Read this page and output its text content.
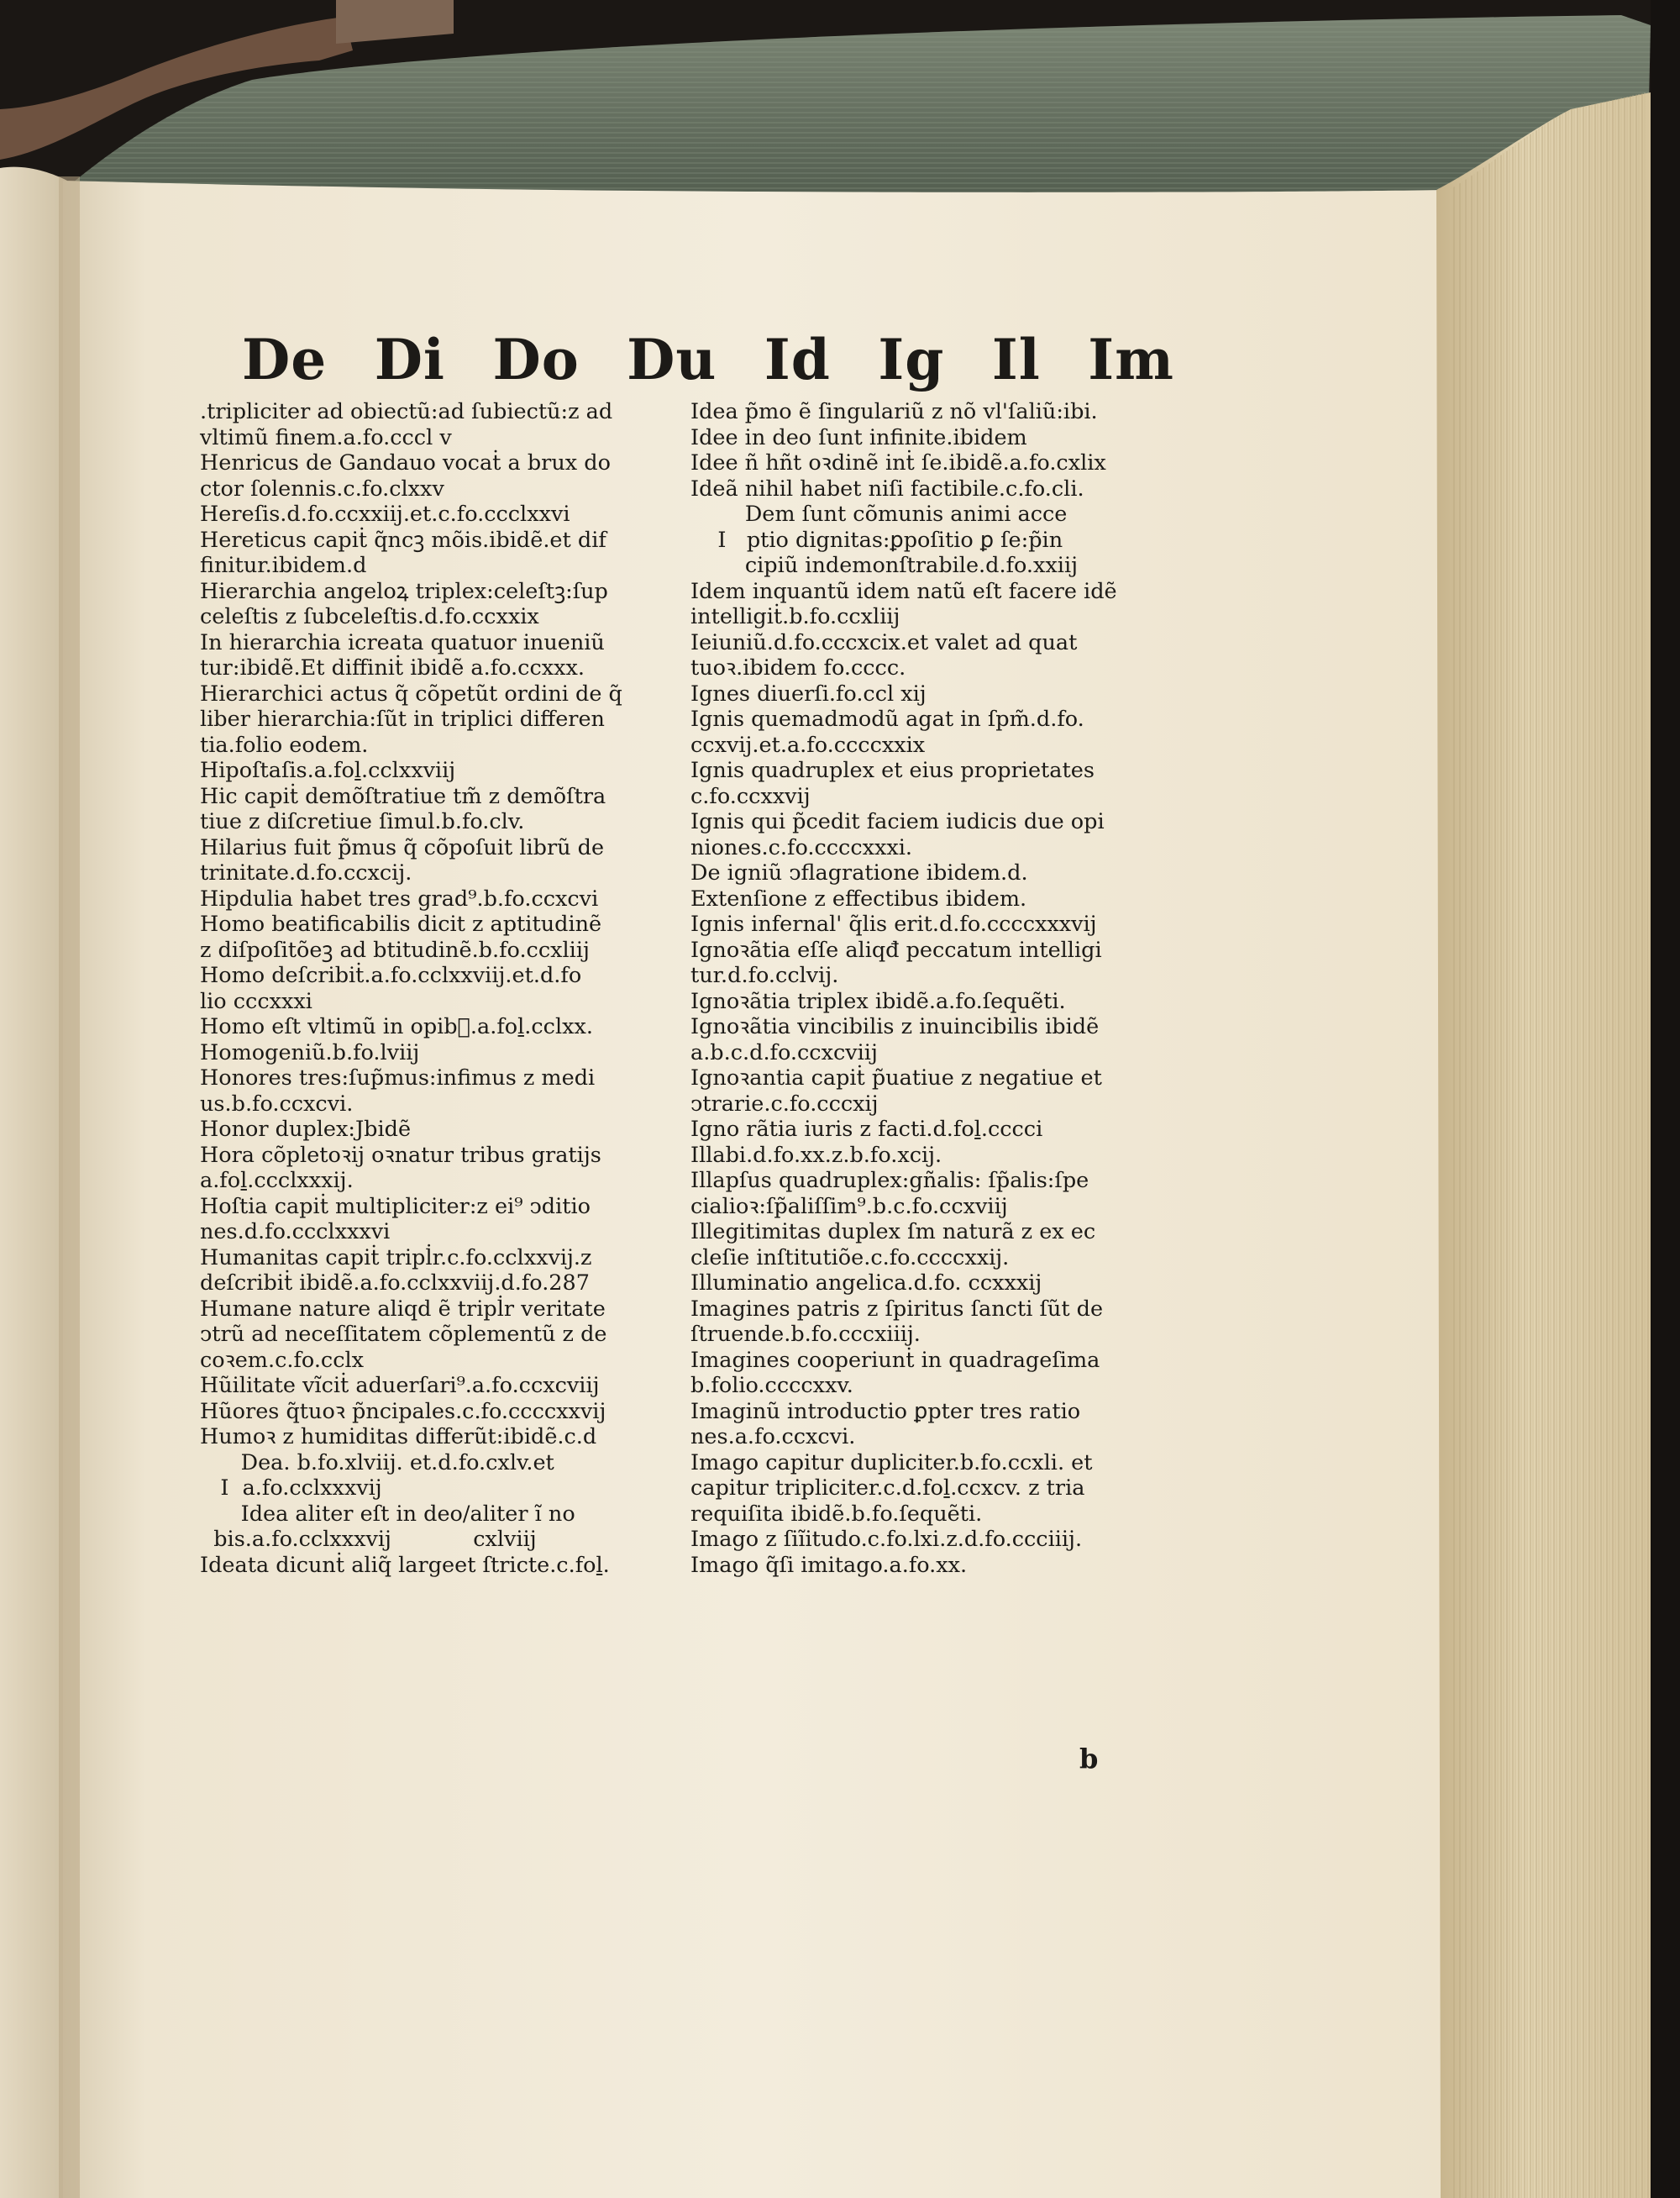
De Di Do Du Id Ig Il Im
.tripliciter ad obiectũ:ad ſubiectũ:z ad
vltimũ finem.a.fo.cccl v
Henricus de Gandauo vocaṫ a brux do
ctor ſolennis.c.fo.clxxv
Hereſis.d.fo.ccxxiij.et.c.fo.ccclxxvi
Hereticus capiṫ q̃ncꝫ mõis.ibidẽ.et dif
finitur.ibidem.d
Hierarchia angeloꝝ triplex:celeſtꝫ:ſup
celeſtis z ſubceleſtis.d.fo.ccxxix
In hierarchia icreata quatuor inueniũ
tur:ibidẽ.Et diffiniṫ ibidẽ a.fo.ccxxx.
Hierarchici actus q̃ cõpetũt ordini de q̃
liber hierarchia:ſũt in triplici differen
tia.folio eodem.
Hipoſtaſis.a.foḻ.cclxxviij
Hic capiṫ demõſtratiue tm̃ z demõſtra
tiue z diſcretiue ſimul.b.fo.clv.
Hilarius fuit p̃mus q̃ cõpoſuit librũ de
trinitate.d.fo.ccxcij.
Hipdulia habet tres grad⁹.b.fo.ccxcvi
Homo beatificabilis dicit z aptitudinẽ
z diſpoſitõeꝫ ad btitudinẽ.b.fo.ccxliij
Homo deſcribiṫ.a.fo.cclxxviij.et.d.fo
lio cccxxxi
Homo eſt vltimũ in opib᷑.a.foḻ.cclxx.
Homogeniũ.b.fo.lviij
Honores tres:ſup̃mus:infimus z medi
us.b.fo.ccxcvi.
Honor duplex:Jbidẽ
Hora cõpletoꝛij oꝛnatur tribus gratijs
a.foḻ.ccclxxxij.
Hoſtia capiṫ multipliciter:z ei⁹ ↄditio
nes.d.fo.ccclxxxvi
Humanitas capiṫ tripl̇r.c.fo.cclxxvij.z
deſcribiṫ ibidẽ.a.fo.cclxxviij.d.fo.287
Humane nature aliqd ẽ tripl̇r veritate
ↄtrũ ad neceſſitatem cõplementũ z de
coꝛem.c.fo.cclx
Hũilitate vĩciṫ aduerſari⁹.a.fo.ccxcviij
Hũores q̃tuoꝛ p̃ncipales.c.fo.ccccxxvij
Humoꝛ z humiditas differũt:ibidẽ.c.d
Dea. b.fo.xlviij. et.d.fo.cxlv.et
I  a.fo.cclxxxvij
Idea aliter eſt in deo/aliter ĩ no
bis.a.fo.cclxxxvij            cxlviij
Ideata dicunṫ aliq̃ largeet ſtricte.c.foḻ.
Idea p̃mo ẽ ſingulariũ z nõ vl'ſaliũ:ibi.
Idee in deo ſunt infinite.ibidem
Idee ñ hñt oꝛdinẽ inṫ ſe.ibidẽ.a.fo.cxlix
Ideã nihil habet niſi factibile.c.fo.cli.
Dem ſunt cõmunis animi acce
I   ptio dignitas:ꝑpoſitio ꝑ ſe:p̃in
cipiũ indemonſtrabile.d.fo.xxiij
Idem inquantũ idem natũ eſt facere idẽ
intelligiṫ.b.fo.ccxliij
Ieiuniũ.d.fo.cccxcix.et valet ad quat
tuoꝛ.ibidem fo.cccc.
Ignes diuerſi.fo.ccl xij
Ignis quemadmodũ agat in ſpm̃.d.fo.
ccxvij.et.a.fo.ccccxxix
Ignis quadruplex et eius proprietates
c.fo.ccxxvij
Ignis qui p̃cedit faciem iudicis due opi
niones.c.fo.ccccxxxi.
De igniũ ↄflagratione ibidem.d.
Extenſione z effectibus ibidem.
Ignis infernal' q̃lis erit.d.fo.ccccxxxvij
Ignoꝛãtia eſſe aliqđ peccatum intelligi
tur.d.fo.cclvij.
Ignoꝛãtia triplex ibidẽ.a.fo.ſequẽti.
Ignoꝛãtia vincibilis z inuincibilis ibidẽ
a.b.c.d.fo.ccxcviij
Ignoꝛantia capiṫ p̃uatiue z negatiue et
ↄtrarie.c.fo.cccxij
Igno rãtia iuris z facti.d.foḻ.cccci
Illabi.d.fo.xx.z.b.fo.xcij.
Illapſus quadruplex:gñalis: ſp̃alis:ſpe
cialioꝛ:ſp̃aliſſim⁹.b.c.fo.ccxviij
Illegitimitas duplex ſm naturã z ex ec
cleſie inſtitutiõe.c.fo.ccccxxij.
Illuminatio angelica.d.fo. ccxxxij
Imagines patris z ſpiritus ſancti ſũt de
ſtruende.b.fo.cccxiiij.
Imagines cooperiunṫ in quadrageſima
b.folio.ccccxxv.
Imaginũ introductio ꝑpter tres ratio
nes.a.fo.ccxcvi.
Imago capitur dupliciter.b.fo.ccxli. et
capitur tripliciter.c.d.foḻ.ccxcv. z tria
requiſita ibidẽ.b.fo.ſequẽti.
Imago z ſiĩitudo.c.fo.lxi.z.d.fo.ccciiij.
Imago q̃ſi imitago.a.fo.xx.
b
